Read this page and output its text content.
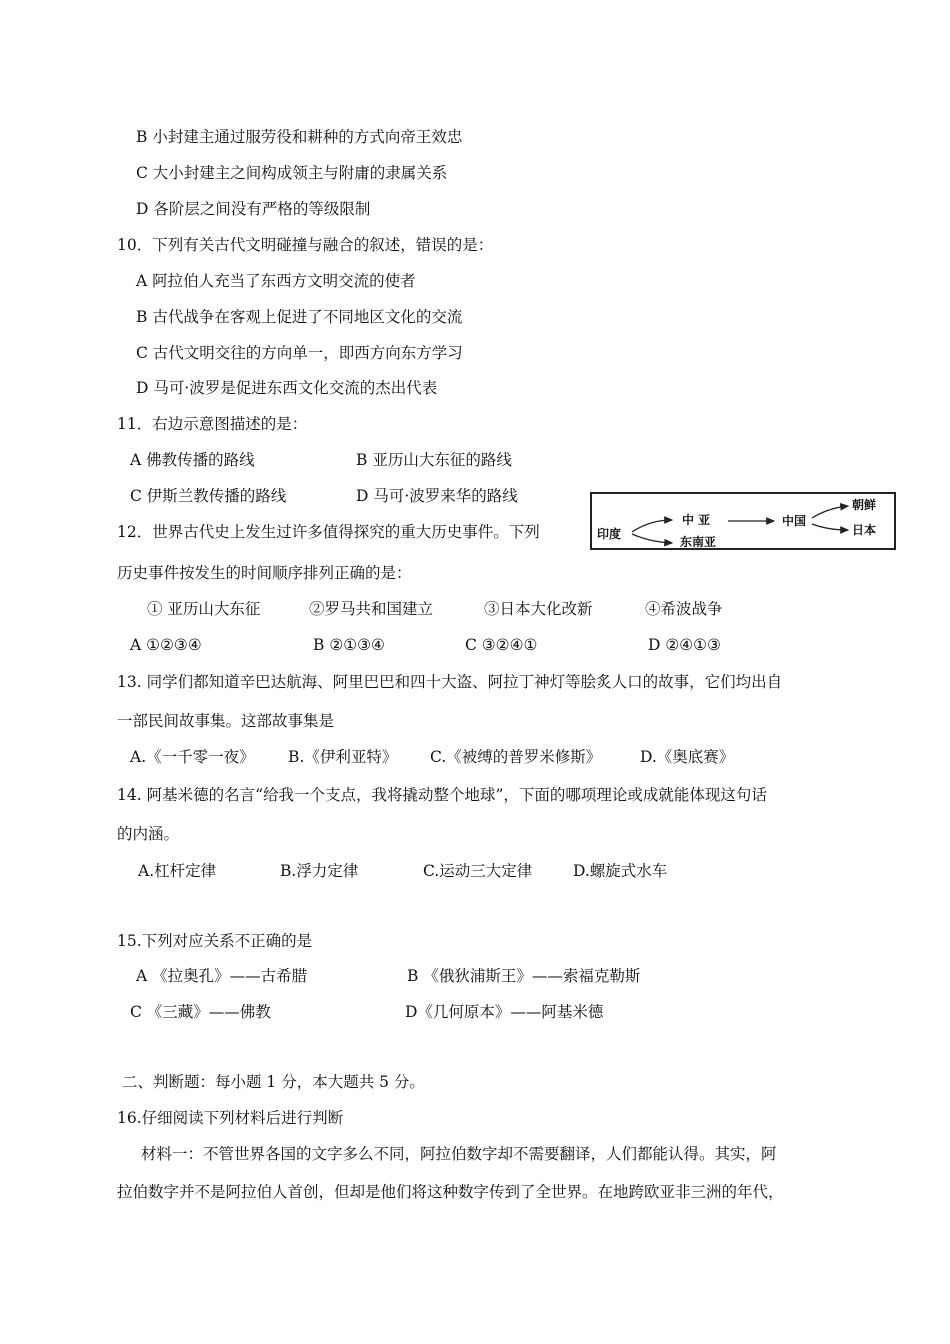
B 小封建主通过服劳役和耕种的方式向帝王效忠
C 大小封建主之间构成领主与附庸的隶属关系
D 各阶层之间没有严格的等级限制
10．下列有关古代文明碰撞与融合的叙述，错误的是：
A 阿拉伯人充当了东西方文明交流的使者
B 古代战争在客观上促进了不同地区文化的交流
C 古代文明交往的方向单一，即西方向东方学习
D 马可·波罗是促进东西文化交流的杰出代表
11．右边示意图描述的是：
A 佛教传播的路线	B 亚历山大东征的路线
C 伊斯兰教传播的路线	D 马可·波罗来华的路线
印度
中 亚
东南亚
中国
朝鲜
日本
12．世界古代史上发生过许多值得探究的重大历史事件。下列
历史事件按发生的时间顺序排列正确的是：
① 亚历山大东征	②罗马共和国建立	③日本大化改新	④希波战争
A ①②③④	B ②①③④	C ③②④①	D ②④①③
13. 同学们都知道辛巴达航海、阿里巴巴和四十大盗、阿拉丁神灯等脍炙人口的故事，它们均出自
一部民间故事集。这部故事集是
A.《一千零一夜》 B.《伊利亚特》 C.《被缚的普罗米修斯》	D.《奥底赛》
14. 阿基米德的名言“给我一个支点，我将撬动整个地球”，下面的哪项理论或成就能体现这句话
的内涵。
A.杠杆定律	B.浮力定律	C.运动三大定律	D.螺旋式水车
15.下列对应关系不正确的是
A 《拉奥孔》——古希腊	B 《俄狄浦斯王》——索福克勒斯
C 《三藏》——佛教	D《几何原本》——阿基米德
二、判断题：每小题 1 分，本大题共 5 分。
16.仔细阅读下列材料后进行判断
材料一：不管世界各国的文字多么不同，阿拉伯数字却不需要翻译，人们都能认得。其实，阿
拉伯数字并不是阿拉伯人首创，但却是他们将这种数字传到了全世界。在地跨欧亚非三洲的年代，
